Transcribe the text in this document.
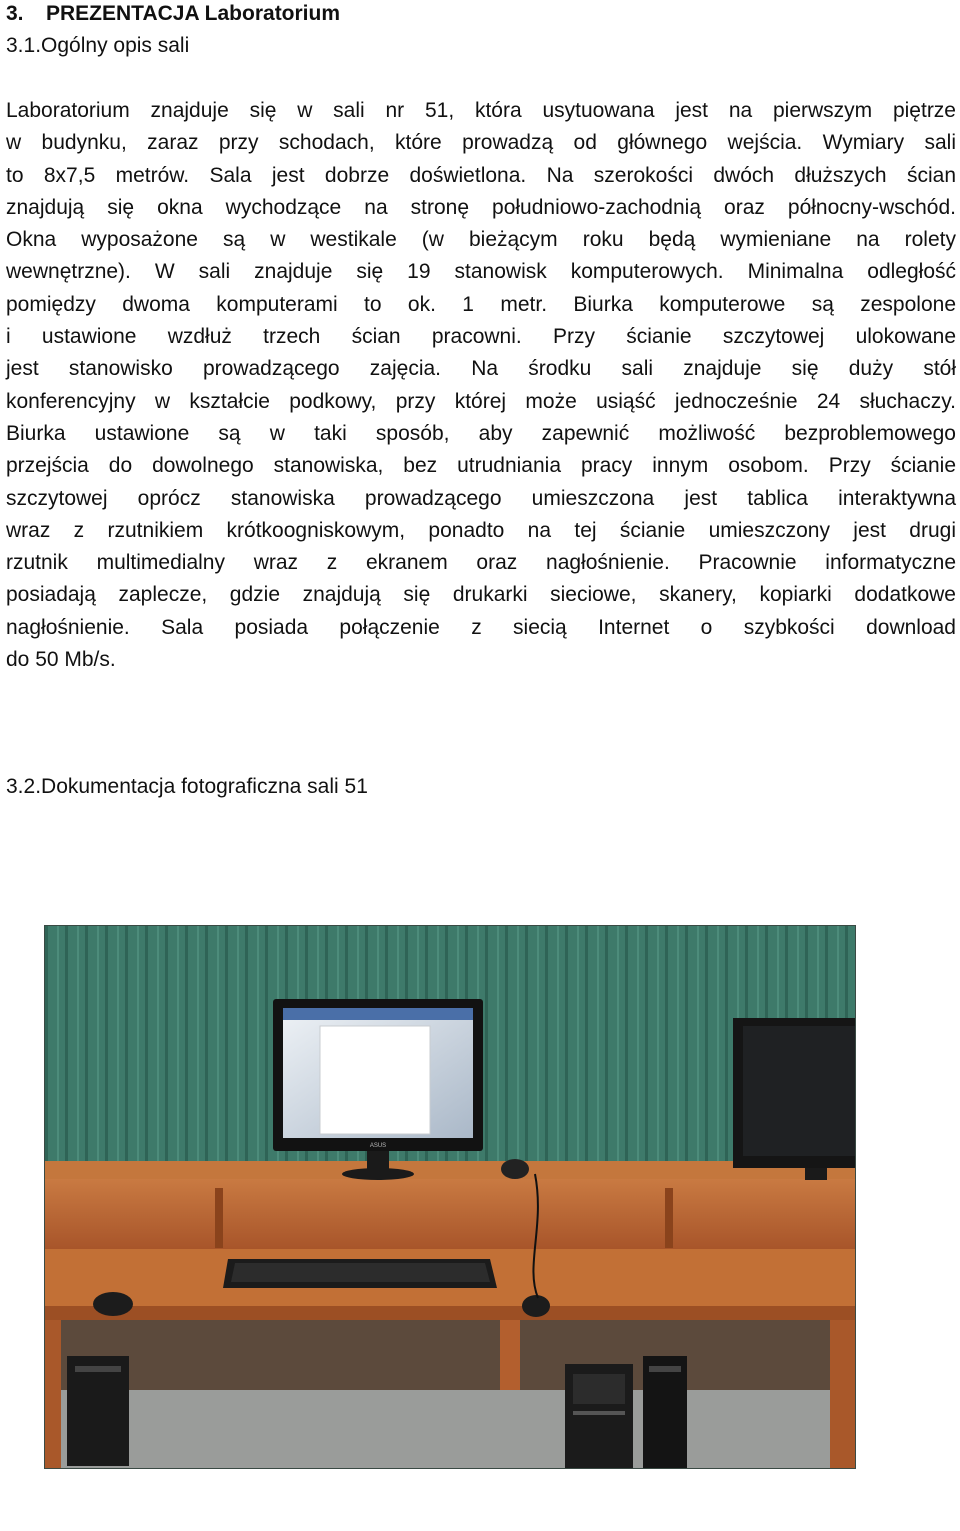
3. PREZENTACJA Laboratorium
3.1.Ogólny opis sali
Laboratorium znajduje się w sali nr 51, która usytuowana jest na pierwszym piętrze
w budynku, zaraz przy schodach, które prowadzą od głównego wejścia. Wymiary sali
to 8x7,5 metrów. Sala jest dobrze doświetlona. Na szerokości dwóch dłuższych ścian
znajdują się okna wychodzące na stronę południowo-zachodnią oraz północny-wschód.
Okna wyposażone są w westikale (w bieżącym roku będą wymieniane na rolety
wewnętrzne). W sali znajduje się 19 stanowisk komputerowych. Minimalna odległość
pomiędzy dwoma komputerami to ok. 1 metr. Biurka komputerowe są zespolone
i ustawione wzdłuż trzech ścian pracowni. Przy ścianie szczytowej ulokowane
jest stanowisko prowadzącego zajęcia. Na środku sali znajduje się duży stół
konferencyjny w kształcie podkowy, przy której może usiąść jednocześnie 24 słuchaczy.
Biurka ustawione są w taki sposób, aby zapewnić możliwość bezproblemowego
przejścia do dowolnego stanowiska, bez utrudniania pracy innym osobom. Przy ścianie
szczytowej oprócz stanowiska prowadzącego umieszczona jest tablica interaktywna
wraz z rzutnikiem krótkoogniskowym, ponadto na tej ścianie umieszczony jest drugi
rzutnik multimedialny wraz z ekranem oraz nagłośnienie. Pracownie informatyczne
posiadają zaplecze, gdzie znajdują się drukarki sieciowe, skanery, kopiarki dodatkowe
nagłośnienie. Sala posiada połączenie z siecią Internet o szybkości download
do 50 Mb/s.
3.2.Dokumentacja fotograficzna sali 51
ASUS
